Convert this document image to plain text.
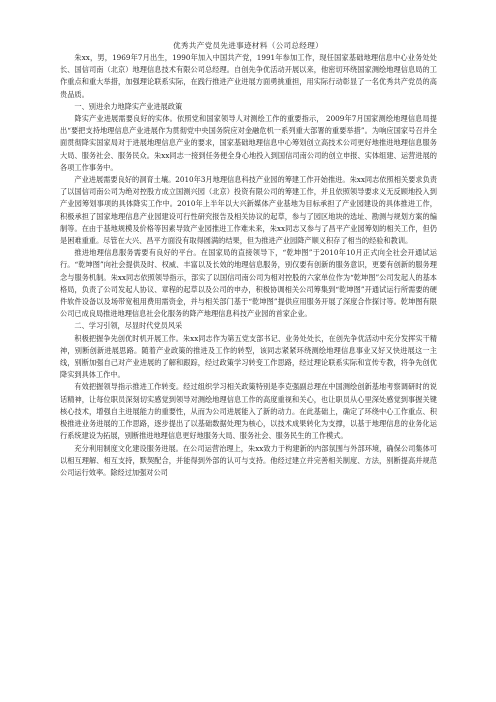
优秀共产党员先进事迹材料（公司总经理）

朱xx，男，1969年7月出生，1990年加入中国共产党，1991年参加工作，现任国家基础地理信息中心业务处处长、国信司南（北京）地理信息技术有限公司总经理。自创先争优活动开展以来，他密切环绕国家测绘地理信息局的工作重点和重大举措，加强理论联系实际，在践行推进产业进展方面勇挑重担，用实际行动彰显了一名优秀共产党员的高贵品质。

一、别进余力地降实产业进展政策

降实产业进展需要良好的实体。依照党和国家领导人对测绘工作的重要指示， 2009年7月国家测绘地理信息局提出“要把支持地理信息产业进展作为贯彻党中央国务院应对金融危机一系列重大部署的重要举措”。为响应国家号召并全面贯彻降实国家局对于进展地理信息产业的要求，国家基础地理信息中心筹划创立高技术公司更好地推进地理信息服务大局、服务社会、服务民众。朱xx同志一接到任务便全身心地投入到国信司南公司的创立申报、实体组建、运营进展的各项工作事务中。

产业进展需要良好的洞育土壤。2010年3月地理信息科技产业园的筹建工作开始推进。朱xx同志依照相关要求负责了以国信司南公司为绝对控股方成立国测兴园（北京）投资有限公司的筹建工作，并且依照领导要求义无反顾地投入到产业园筹划事项的具体降实工作中。2010年上半年以大兴新媒体产业基地为目标承担了产业园建设的具体推进工作，积极承担了国家地理信息产业园建设可行性研究报告及相关协议的起草，参与了园区地块的选址、勘测与规划方案的编制等。在由于基地规模及价格等因素导致产业园推进工作难未来，朱xx同志又参与了昌平产业园筹划的相关工作，但仍是困难重重。尽管在大兴、昌平方面没有取得圆满的结果，但为推进产业园降产顺义积存了相当的经验和教训。

推进地理信息服务需要有良好的平台。在国家局的直接领导下，“乾坤图”于2010年10月正式向全社会开通试运行。“乾坤图”向社会提供及时、权威、丰富以及长效的地理信息服务，别仅要有创新的服务意识，更要有创新的服务理念与服务机制。朱xx同志依照领导指示，部实了以国信司南公司为相对控股的六家单位作为“乾坤图”公司发起人的基本格局，负责了公司发起人协议、章程的起草以及公司的申办，积极协调相关公司筹集到“乾坤图”开通试运行所需要的硬件软件设备以及场带宽租用费用需资金，并与相关部门基于“乾坤图”提供应用服务开展了深度合作探讨等。乾坤图有限公司已成良局推进地理信息社会化服务的降产地理信息科技产业园的首家企业。

二、学习引领，尽显时代党员风采

积极把握争先创优时机开展工作。朱xx同志作为第五党支部书记、业务处处长，在创先争优活动中充分发挥实干精神，别断创新进展思路。随着产业政策的推进及工作的转型，该同志紧紧环绕测绘地理信息事业又好又快进展这一主线，别断加强自己对产业进展的了解和跟踪，经过政策学习转变工作思路，经过理论联系实际和宣传专教，将争先创优降实到具体工作中。

有效把握领导指示推进工作转变。经过组织学习相关政策特别是李克强副总理在中国测绘创新基地考察调研时的说话精神，让每位职员深刻切实感觉到领导对测绘地理信息工作的高度重视和关心，也让职员从心里深处感觉到事握关键核心技术，增强自主进展能力的重要性，从而为公司进展能入了新的动力。在此基础上，确定了环绕中心工作重点、积极推进业务进展的工作思路，逐步提出了以基础数据处理为核心，以技术成果转化为支撑，以基于地理信息的业务化运行系统建设为拓展，别断推进地理信息更好地服务大局、服务社会、服务民生的工作模式。

充分利用制度文化建设服务进展。在公司运营治理上，朱xx致力于构建新的内部氛围与外部环境，确保公司集体可以相互理解、相互支持，默契配合，并能得到外部的认可与支持。他经过建立并完善相关制度、方法，别断提高并规范公司运行效率。除经过加强对公司
